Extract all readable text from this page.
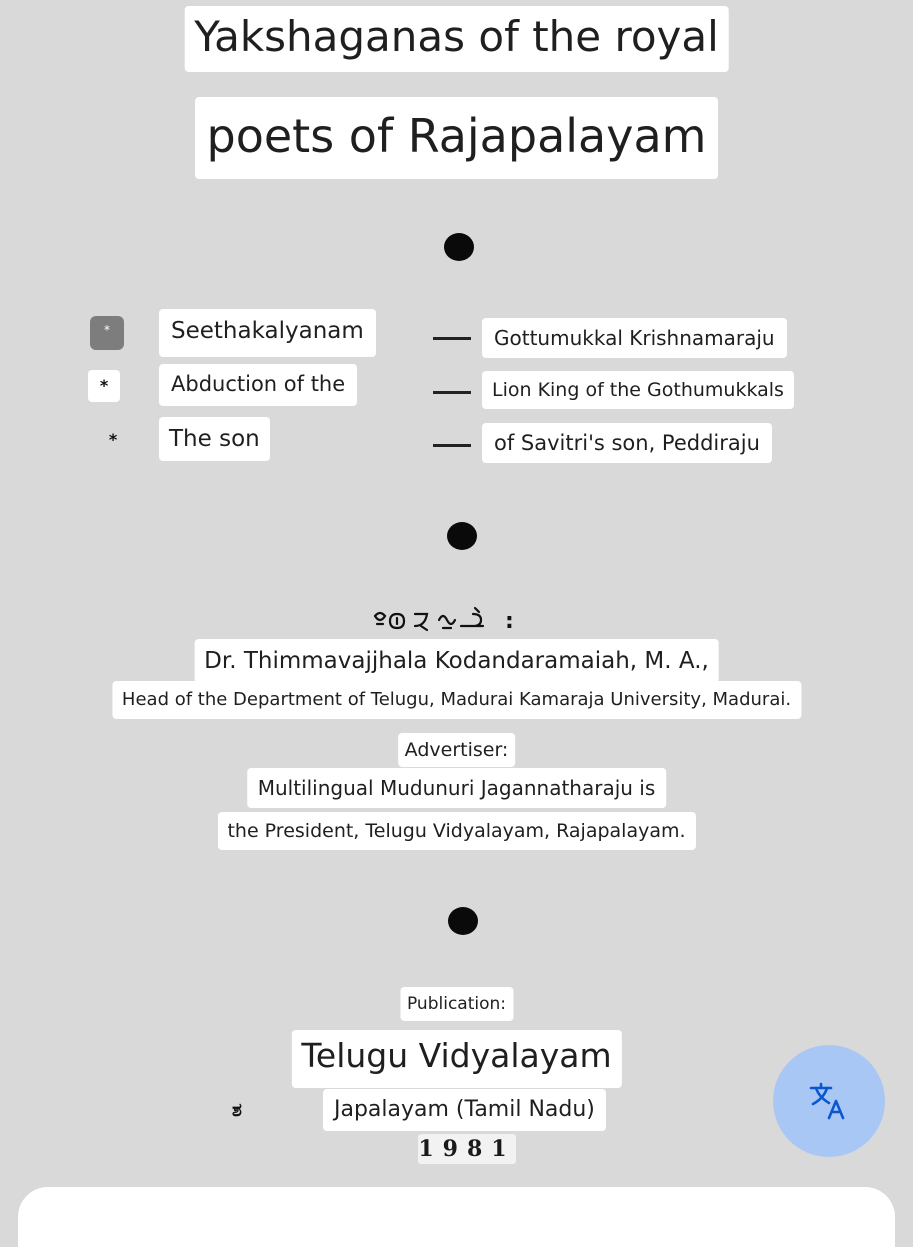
Yakshaganas of the royal
poets of Rajapalayam
*	Seethakalyanam	Gottumukkal Krishnamaraju
*	Abduction of the	Lion King of the Gothumukkals
*	The son	of Savitri's son, Peddiraju
:
Dr. Thimmavajjhala Kodandaramaiah, M. A.,
Head of the Department of Telugu, Madurai Kamaraja University, Madurai.
Advertiser:
Multilingual Mudunuri Jagannatharaju is
the President, Telugu Vidyalayam, Rajapalayam.
Publication:
Telugu Vidyalayam
ಶ	Japalayam (Tamil Nadu)
1981
